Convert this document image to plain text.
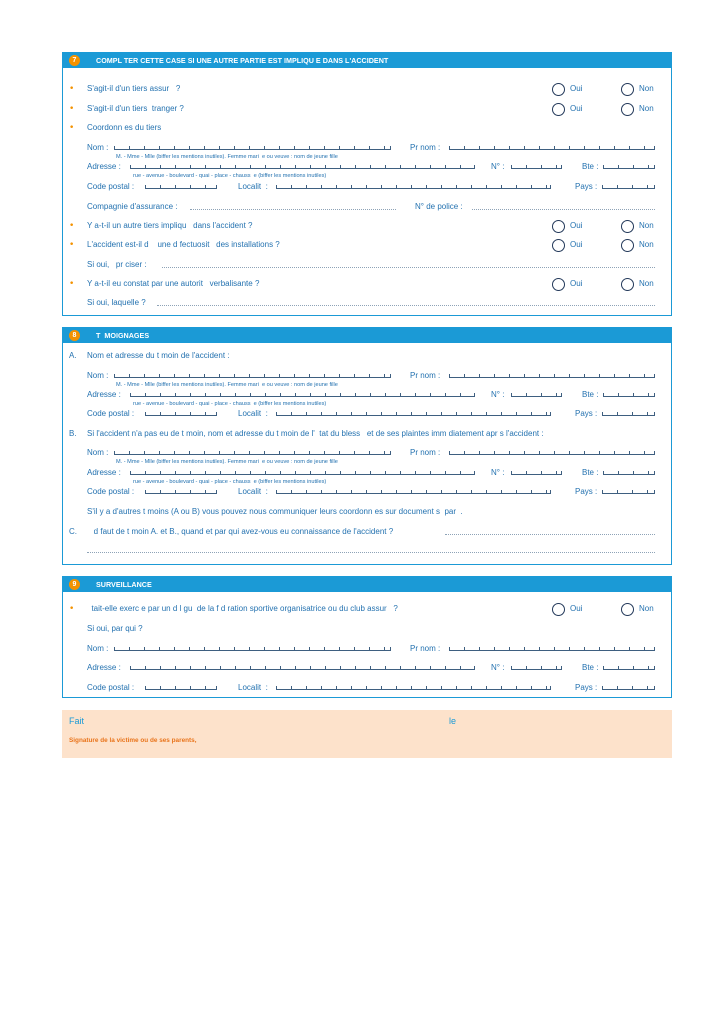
7	COMPL TER CETTE CASE SI UNE AUTRE PARTIE EST IMPLIQU E DANS L'ACCIDENT
• S'agit-il d'un tiers assur   ?	Oui	Non
• S'agit-il d'un tiers  tranger ?	Oui	Non
• Coordonn es du tiers
Nom :	Pr nom :
M. - Mme - Mlle (biffer les mentions inutiles). Femme mari  e ou veuve : nom de jeune fille
Adresse :	N° :	Bte :
rue - avenue - boulevard - quai - place - chauss  e (biffer les mentions inutiles)
Code postal :	Localit  :	Pays :
Compagnie d'assurance :	N° de police :
• Y a-t-il un autre tiers impliqu   dans l'accident ?	Oui	Non
• L'accident est-il d    une d fectuosit   des installations ?	Oui	Non
Si oui,   pr ciser :
• Y a-t-il eu constat par une autorit   verbalisante ?	Oui	Non
Si oui, laquelle ?
8	T  MOIGNAGES
A. Nom et adresse du t moin de l'accident :
Nom :	Pr nom :
M. - Mme - Mlle (biffer les mentions inutiles). Femme mari  e ou veuve : nom de jeune fille
Adresse :	N° :	Bte :
rue - avenue - boulevard - quai - place - chauss  e (biffer les mentions inutiles)
Code postal :	Localit  :	Pays :
B. Si l'accident n'a pas eu de t moin, nom et adresse du t moin de l'  tat du bless   et de ses plaintes imm diatement apr s l'accident :
Nom :	Pr nom :
M. - Mme - Mlle (biffer les mentions inutiles). Femme mari  e ou veuve : nom de jeune fille
Adresse :	N° :	Bte :
rue - avenue - boulevard - quai - place - chauss  e (biffer les mentions inutiles)
Code postal :	Localit  :	Pays :
S'il y a d'autres t moins (A ou B) vous pouvez nous communiquer leurs coordonn es sur document s  par  .
C. d faut de t moin A. et B., quand et par qui avez-vous eu connaissance de l'accident ?
9	SURVEILLANCE
• tait-elle exerc e par un d l gu  de la f d ration sportive organisatrice ou du club assur   ?	Oui	Non
Si oui, par qui ?
Nom :	Pr nom :
Adresse :	N° :	Bte :
Code postal :	Localit  :	Pays :
Fait	le
Signature de la victime ou de ses parents,
